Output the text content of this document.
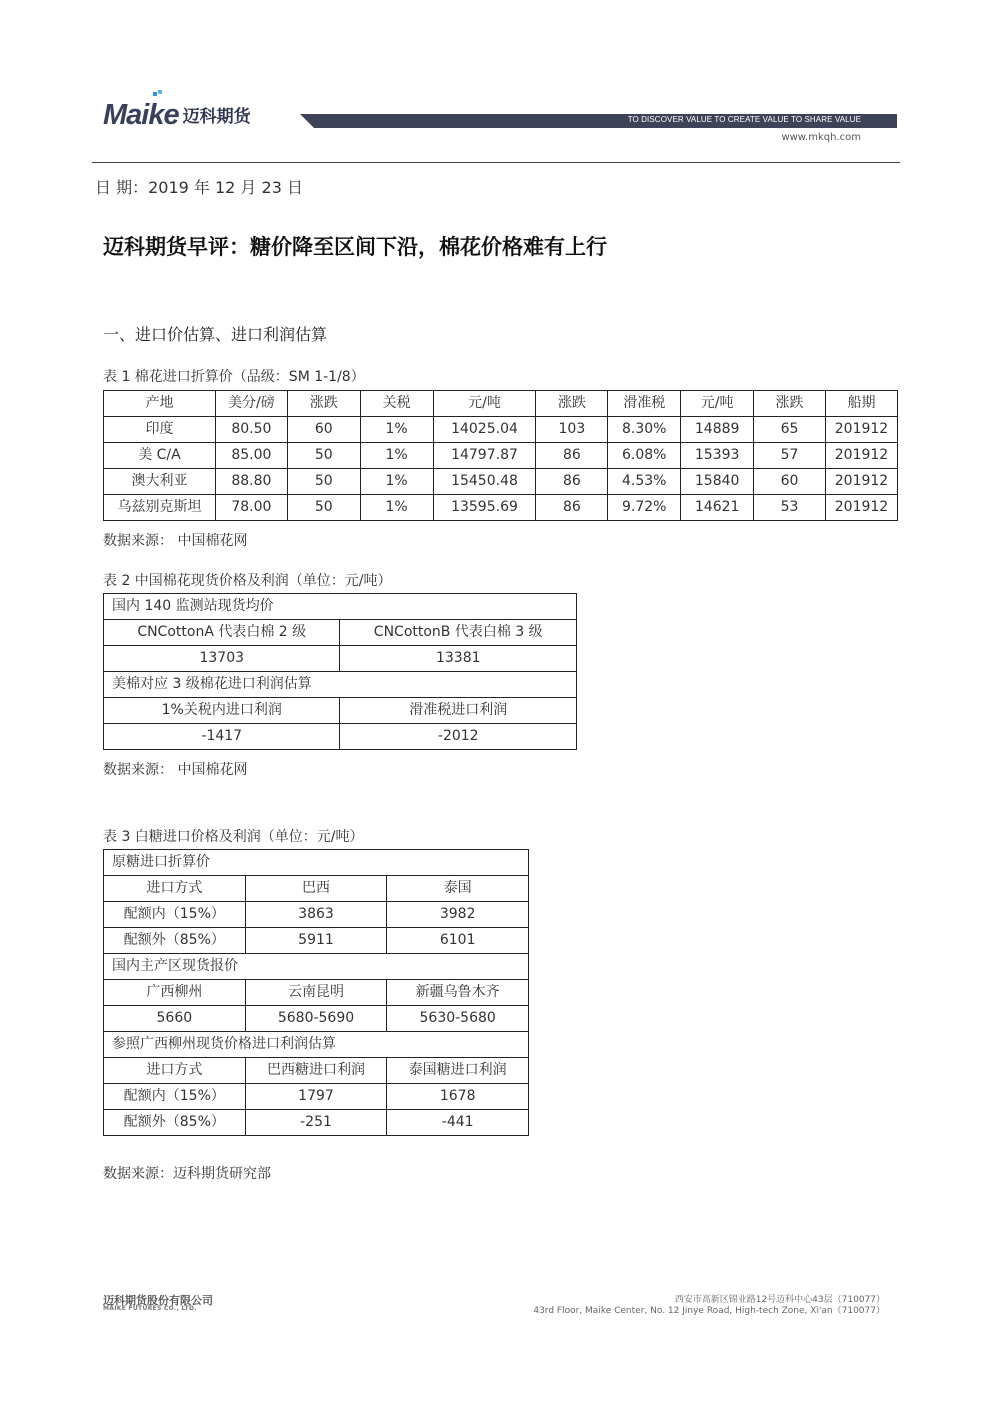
Maike 迈科期货	TO DISCOVER VALUE TO CREATE VALUE TO SHARE VALUE
www.mkqh.com
日 期：2019 年 12 月 23 日
迈科期货早评：糖价降至区间下沿，棉花价格难有上行
一、进口价估算、进口利润估算
表 1 棉花进口折算价（品级：SM 1-1/8）
产地	美分/磅	涨跌	关税	元/吨	涨跌	滑准税	元/吨	涨跌	船期
印度	80.50	60	1%	14025.04	103	8.30%	14889	65	201912
美 C/A	85.00	50	1%	14797.87	86	6.08%	15393	57	201912
澳大利亚	88.80	50	1%	15450.48	86	4.53%	15840	60	201912
乌兹别克斯坦	78.00	50	1%	13595.69	86	9.72%	14621	53	201912
数据来源： 中国棉花网
表 2 中国棉花现货价格及利润（单位：元/吨）
国内 140 监测站现货均价	
CNCottonA 代表白棉 2 级	CNCottonB 代表白棉 3 级
13703	13381
美棉对应 3 级棉花进口利润估算	
1%关税内进口利润	滑准税进口利润
-1417	-2012
数据来源： 中国棉花网
表 3 白糖进口价格及利润（单位：元/吨）
原糖进口折算价		
进口方式	巴西	泰国
配额内（15%）	3863	3982
配额外（85%）	5911	6101
国内主产区现货报价		
广西柳州	云南昆明	新疆乌鲁木齐
5660	5680-5690	5630-5680
参照广西柳州现货价格进口利润估算		
进口方式	巴西糖进口利润	泰国糖进口利润
配额内（15%）	1797	1678
配额外（85%）	-251	-441
数据来源：迈科期货研究部
迈科期货股份有限公司
MAIKE FUTURES CO., LTD.
西安市高新区锦业路12号迈科中心43层（710077）
43rd Floor, Maike Center, No. 12 Jinye Road, High-tech Zone, Xi'an（710077）
